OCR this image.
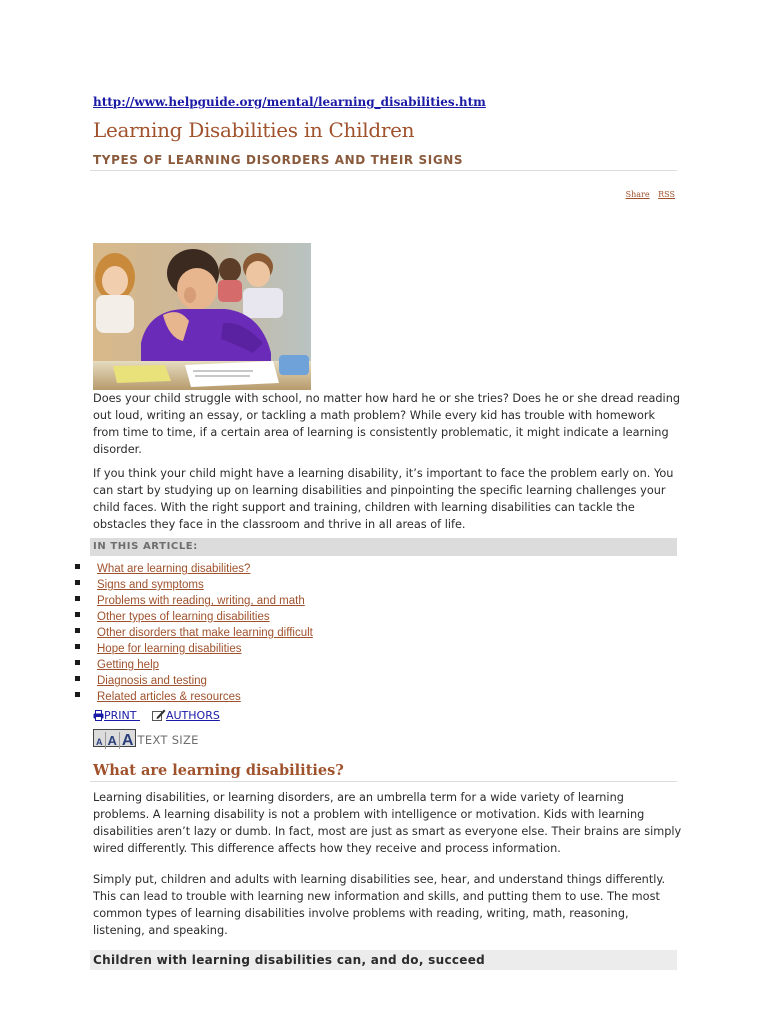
http://www.helpguide.org/mental/learning_disabilities.htm
Learning Disabilities in Children
TYPES OF LEARNING DISORDERS AND THEIR SIGNS
Share RSS

Does your child struggle with school, no matter how hard he or she tries? Does he or she dread reading out loud, writing an essay, or tackling a math problem? While every kid has trouble with homework from time to time, if a certain area of learning is consistently problematic, it might indicate a learning disorder.

If you think your child might have a learning disability, it’s important to face the problem early on. You can start by studying up on learning disabilities and pinpointing the specific learning challenges your child faces. With the right support and training, children with learning disabilities can tackle the obstacles they face in the classroom and thrive in all areas of life.

IN THIS ARTICLE:
What are learning disabilities?
Signs and symptoms
Problems with reading, writing, and math
Other types of learning disabilities
Other disorders that make learning difficult
Hope for learning disabilities
Getting help
Diagnosis and testing
Related articles & resources
PRINT	AUTHORS
A A A TEXT SIZE
What are learning disabilities?

Learning disabilities, or learning disorders, are an umbrella term for a wide variety of learning problems. A learning disability is not a problem with intelligence or motivation. Kids with learning disabilities aren’t lazy or dumb. In fact, most are just as smart as everyone else. Their brains are simply wired differently. This difference affects how they receive and process information.

Simply put, children and adults with learning disabilities see, hear, and understand things differently. This can lead to trouble with learning new information and skills, and putting them to use. The most common types of learning disabilities involve problems with reading, writing, math, reasoning, listening, and speaking.

Children with learning disabilities can, and do, succeed
